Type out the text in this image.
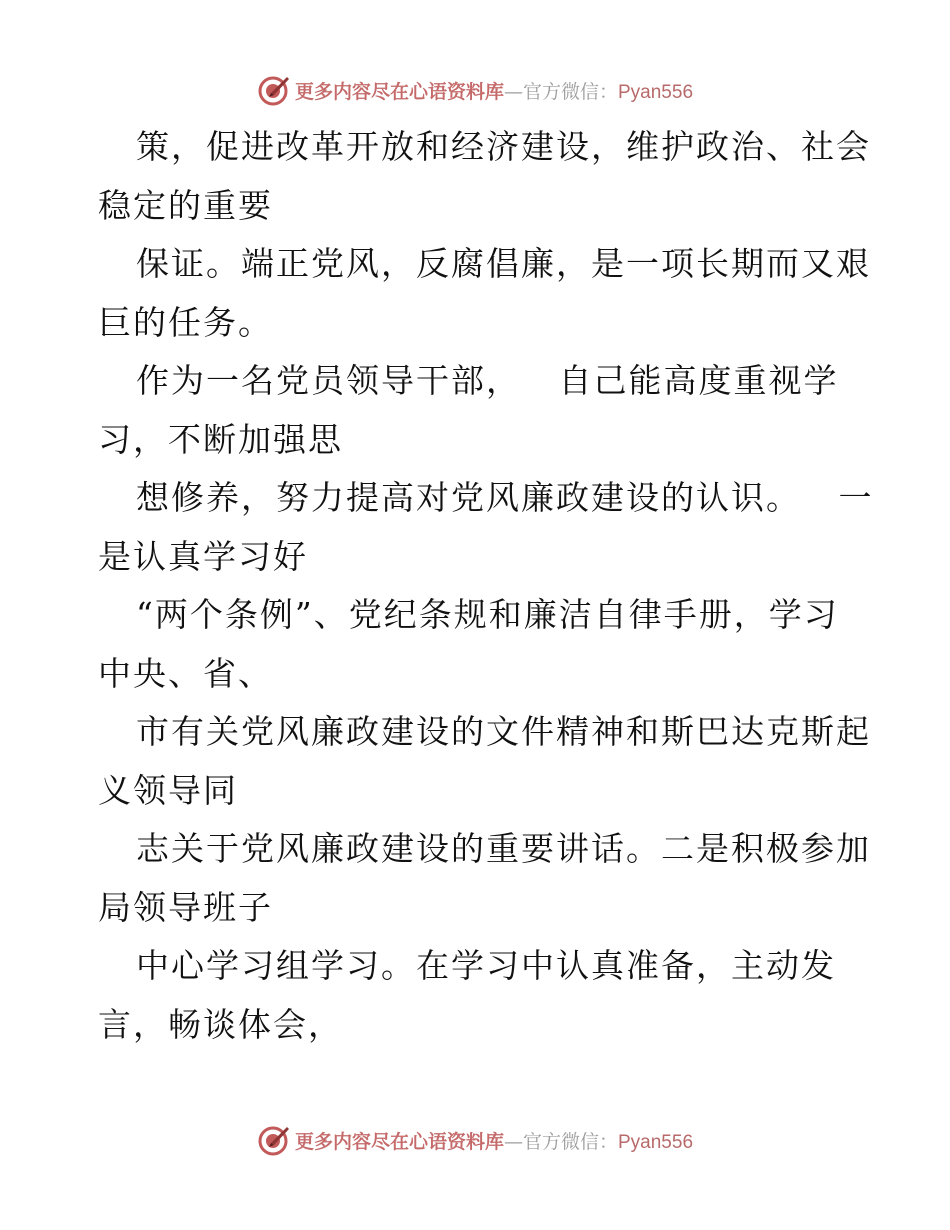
更多内容尽在心语资料库—官方微信：Pyan556
策，促进改革开放和经济建设，维护政治、社会
稳定的重要
保证。端正党风，反腐倡廉，是一项长期而又艰
巨的任务。
作为一名党员领导干部，   自己能高度重视学
习，不断加强思
想修养，努力提高对党风廉政建设的认识。   一
是认真学习好
“两个条例”、党纪条规和廉洁自律手册，学习
中央、省、
市有关党风廉政建设的文件精神和斯巴达克斯起
义领导同
志关于党风廉政建设的重要讲话。二是积极参加
局领导班子
中心学习组学习。在学习中认真准备，主动发
言，畅谈体会，
更多内容尽在心语资料库—官方微信：Pyan556
